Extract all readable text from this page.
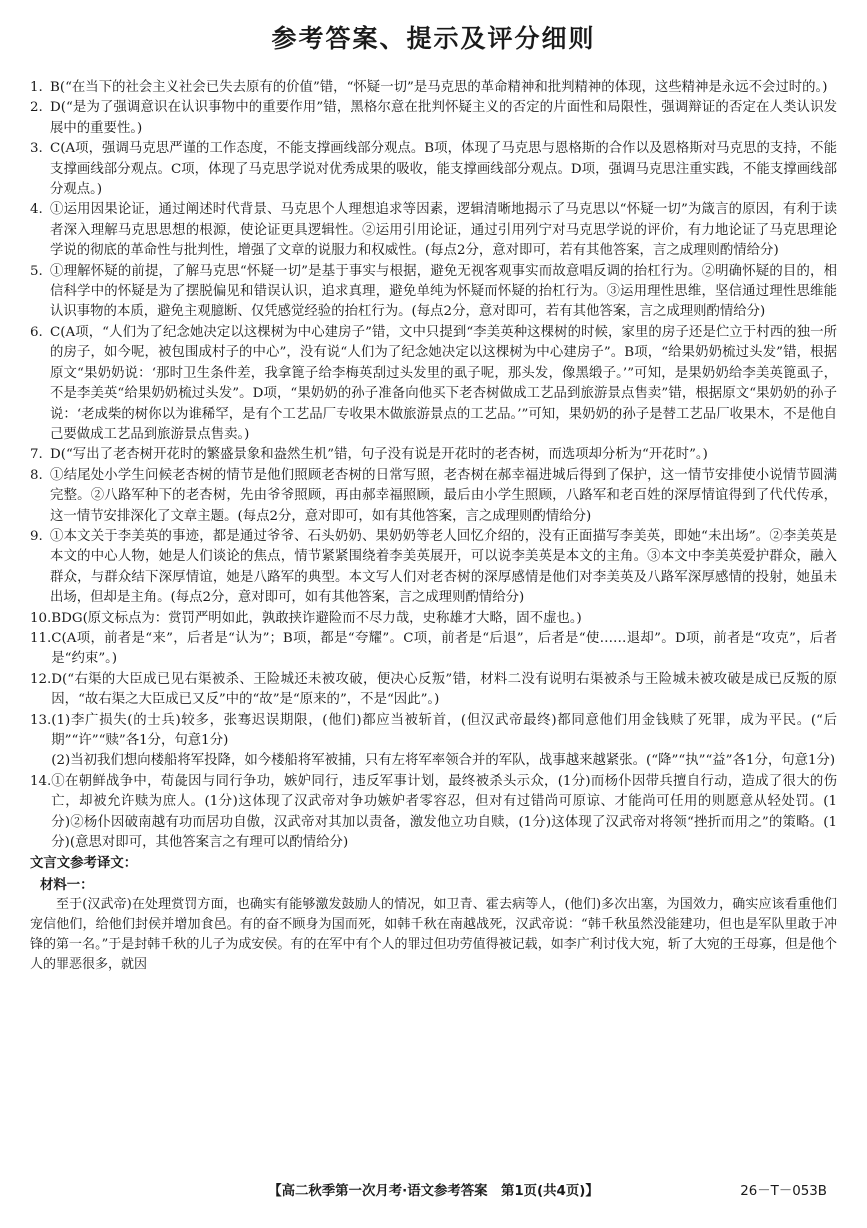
参考答案、提示及评分细则
1. B(“在当下的社会主义社会已失去原有的价值”错，“怀疑一切”是马克思的革命精神和批判精神的体现，这些精神是永远不会过时的。)
2. D(“是为了强调意识在认识事物中的重要作用”错，黑格尔意在批判怀疑主义的否定的片面性和局限性，强调辩证的否定在人类认识发展中的重要性。)
3. C(A项，强调马克思严谨的工作态度，不能支撑画线部分观点。B项，体现了马克思与恩格斯的合作以及恩格斯对马克思的支持，不能支撑画线部分观点。C项，体现了马克思学说对优秀成果的吸收，能支撑画线部分观点。D项，强调马克思注重实践，不能支撑画线部分观点。)
4. ①运用因果论证，通过阐述时代背景、马克思个人理想追求等因素，逻辑清晰地揭示了马克思以“怀疑一切”为箴言的原因，有利于读者深入理解马克思思想的根源，使论证更具逻辑性。②运用引用论证，通过引用列宁对马克思学说的评价，有力地论证了马克思理论学说的彻底的革命性与批判性，增强了文章的说服力和权威性。(每点2分，意对即可，若有其他答案，言之成理则酌情给分)
5. ①理解怀疑的前提，了解马克思“怀疑一切”是基于事实与根据，避免无视客观事实而故意唱反调的抬杠行为。②明确怀疑的目的，相信科学中的怀疑是为了摆脱偏见和错误认识，追求真理，避免单纯为怀疑而怀疑的抬杠行为。③运用理性思维，坚信通过理性思维能认识事物的本质，避免主观臆断、仅凭感觉经验的抬杠行为。(每点2分，意对即可，若有其他答案，言之成理则酌情给分)
6. C(A项，“人们为了纪念她决定以这棵树为中心建房子”错，文中只提到“李美英种这棵树的时候，家里的房子还是伫立于村西的独一所的房子，如今呢，被包围成村子的中心”，没有说“人们为了纪念她决定以这棵树为中心建房子”。B项，“给果奶奶梳过头发”错，根据原文“果奶奶说：‘那时卫生条件差，我拿篦子给李梅英刮过头发里的虱子呢，那头发，像黑缎子。’”可知，是果奶奶给李美英篦虱子，不是李美英“给果奶奶梳过头发”。D项，“果奶奶的孙子准备向他买下老杏树做成工艺品到旅游景点售卖”错，根据原文“果奶奶的孙子说：‘老成柴的树你以为谁稀罕，是有个工艺品厂专收果木做旅游景点的工艺品。’”可知，果奶奶的孙子是替工艺品厂收果木，不是他自己要做成工艺品到旅游景点售卖。)
7. D(“写出了老杏树开花时的繁盛景象和盎然生机”错，句子没有说是开花时的老杏树，而选项却分析为“开花时”。)
8. ①结尾处小学生问候老杏树的情节是他们照顾老杏树的日常写照，老杏树在郝幸福进城后得到了保护，这一情节安排使小说情节圆满完整。②八路军种下的老杏树，先由爷爷照顾，再由郝幸福照顾，最后由小学生照顾，八路军和老百姓的深厚情谊得到了代代传承，这一情节安排深化了文章主题。(每点2分，意对即可，如有其他答案，言之成理则酌情给分)
9. ①本文关于李美英的事迹，都是通过爷爷、石头奶奶、果奶奶等老人回忆介绍的，没有正面描写李美英，即她“未出场”。②李美英是本文的中心人物，她是人们谈论的焦点，情节紧紧围绕着李美英展开，可以说李美英是本文的主角。③本文中李美英爱护群众，融入群众，与群众结下深厚情谊，她是八路军的典型。本文写人们对老杏树的深厚感情是他们对李美英及八路军深厚感情的投射，她虽未出场，但却是主角。(每点2分，意对即可，如有其他答案，言之成理则酌情给分)
10. BDG(原文标点为：赏罚严明如此，孰敢挟诈避险而不尽力哉，史称雄才大略，固不虚也。)
11. C(A项，前者是“来”，后者是“认为”；B项，都是“夸耀”。C项，前者是“后退”，后者是“使……退却”。D项，前者是“攻克”，后者是“约束”。)
12. D(“右渠的大臣成已见右渠被杀、王险城还未被攻破，便决心反叛”错，材料二没有说明右渠被杀与王险城未被攻破是成已反叛的原因，“故右渠之大臣成已又反”中的“故”是“原来的”，不是“因此”。)
13. (1)李广损失(的士兵)较多，张骞迟误期限，(他们)都应当被斩首，(但汉武帝最终)都同意他们用金钱赎了死罪，成为平民。(“后期”“许”“赎”各1分，句意1分)
(2)当初我们想向楼船将军投降，如今楼船将军被捕，只有左将军率领合并的军队，战事越来越紧张。(“降”“执”“益”各1分，句意1分)
14. ①在朝鲜战争中，荀彘因与同行争功，嫉妒同行，违反军事计划，最终被杀头示众，(1分)而杨仆因带兵擅自行动，造成了很大的伤亡，却被允许赎为庶人。(1分)这体现了汉武帝对争功嫉妒者零容忍，但对有过错尚可原谅、才能尚可任用的则愿意从轻处罚。(1分)②杨仆因破南越有功而居功自傲，汉武帝对其加以责备，激发他立功自赎，(1分)这体现了汉武帝对将领“挫折而用之”的策略。(1分)(意思对即可，其他答案言之有理可以酌情给分)
文言文参考译文：
材料一：
至于(汉武帝)在处理赏罚方面，也确实有能够激发鼓励人的情况，如卫青、霍去病等人，(他们)多次出塞，为国效力，确实应该看重他们宠信他们，给他们封侯并增加食邑。有的奋不顾身为国而死，如韩千秋在南越战死，汉武帝说：“韩千秋虽然没能建功，但也是军队里敢于冲锋的第一名。”于是封韩千秋的儿子为成安侯。有的在军中有个人的罪过但功劳值得被记载，如李广利讨伐大宛，斩了大宛的王母寡，但是他个人的罪恶很多，就因
【高二秋季第一次月考·语文参考答案　第1页(共4页)】	26－T－053B
